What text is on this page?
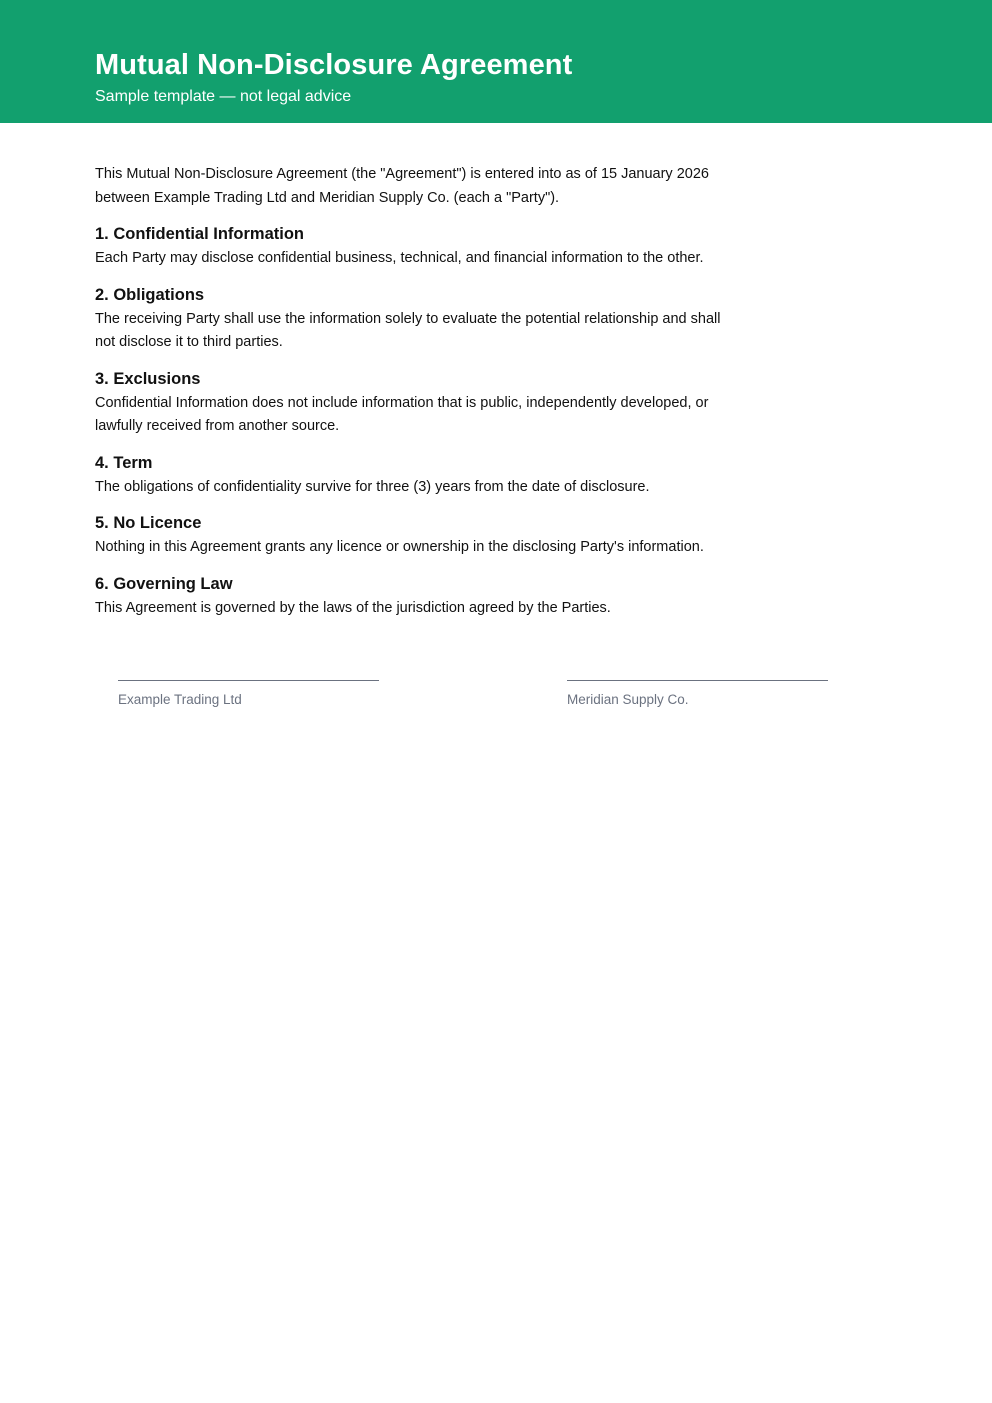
Mutual Non-Disclosure Agreement
Sample template — not legal advice

This Mutual Non-Disclosure Agreement (the "Agreement") is entered into as of 15 January 2026 between Example Trading Ltd and Meridian Supply Co. (each a "Party").

1. Confidential Information

Each Party may disclose confidential business, technical, and financial information to the other.

2. Obligations

The receiving Party shall use the information solely to evaluate the potential relationship and shall not disclose it to third parties.

3. Exclusions

Confidential Information does not include information that is public, independently developed, or lawfully received from another source.

4. Term

The obligations of confidentiality survive for three (3) years from the date of disclosure.

5. No Licence

Nothing in this Agreement grants any licence or ownership in the disclosing Party's information.

6. Governing Law

This Agreement is governed by the laws of the jurisdiction agreed by the Parties.

Example Trading Ltd	Meridian Supply Co.
